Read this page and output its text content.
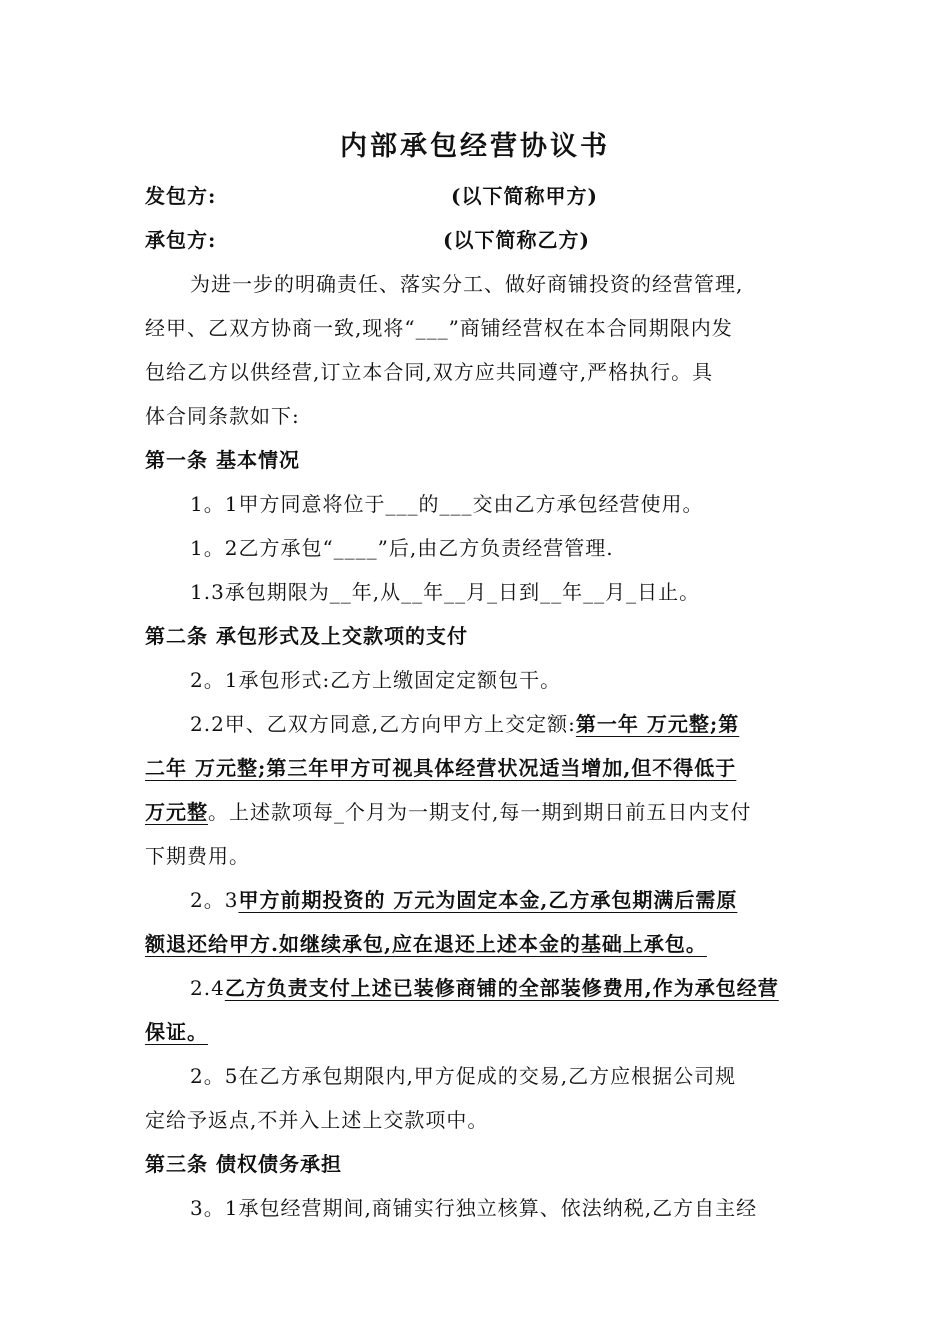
内部承包经营协议书
发包方:	(以下简称甲方)
承包方:	(以下简称乙方)
为进一步的明确责任、落实分工、做好商铺投资的经营管理,
经甲、乙双方协商一致,现将“___”商铺经营权在本合同期限内发
包给乙方以供经营,订立本合同,双方应共同遵守,严格执行。具
体合同条款如下:
第一条 基本情况
1。1甲方同意将位于___的___交由乙方承包经营使用。
1。2乙方承包“____”后,由乙方负责经营管理.
1.3承包期限为__年,从__年__月_日到__年__月_日止。
第二条 承包形式及上交款项的支付
2。1承包形式:乙方上缴固定定额包干。
2.2甲、乙双方同意,乙方向甲方上交定额:第一年 万元整;第
二年 万元整;第三年甲方可视具体经营状况适当增加,但不得低于
万元整。上述款项每_个月为一期支付,每一期到期日前五日内支付
下期费用。
2。3甲方前期投资的 万元为固定本金,乙方承包期满后需原
额退还给甲方.如继续承包,应在退还上述本金的基础上承包。
2.4乙方负责支付上述已装修商铺的全部装修费用,作为承包经营
保证。
2。5在乙方承包期限内,甲方促成的交易,乙方应根据公司规
定给予返点,不并入上述上交款项中。
第三条 债权债务承担
3。1承包经营期间,商铺实行独立核算、依法纳税,乙方自主经
